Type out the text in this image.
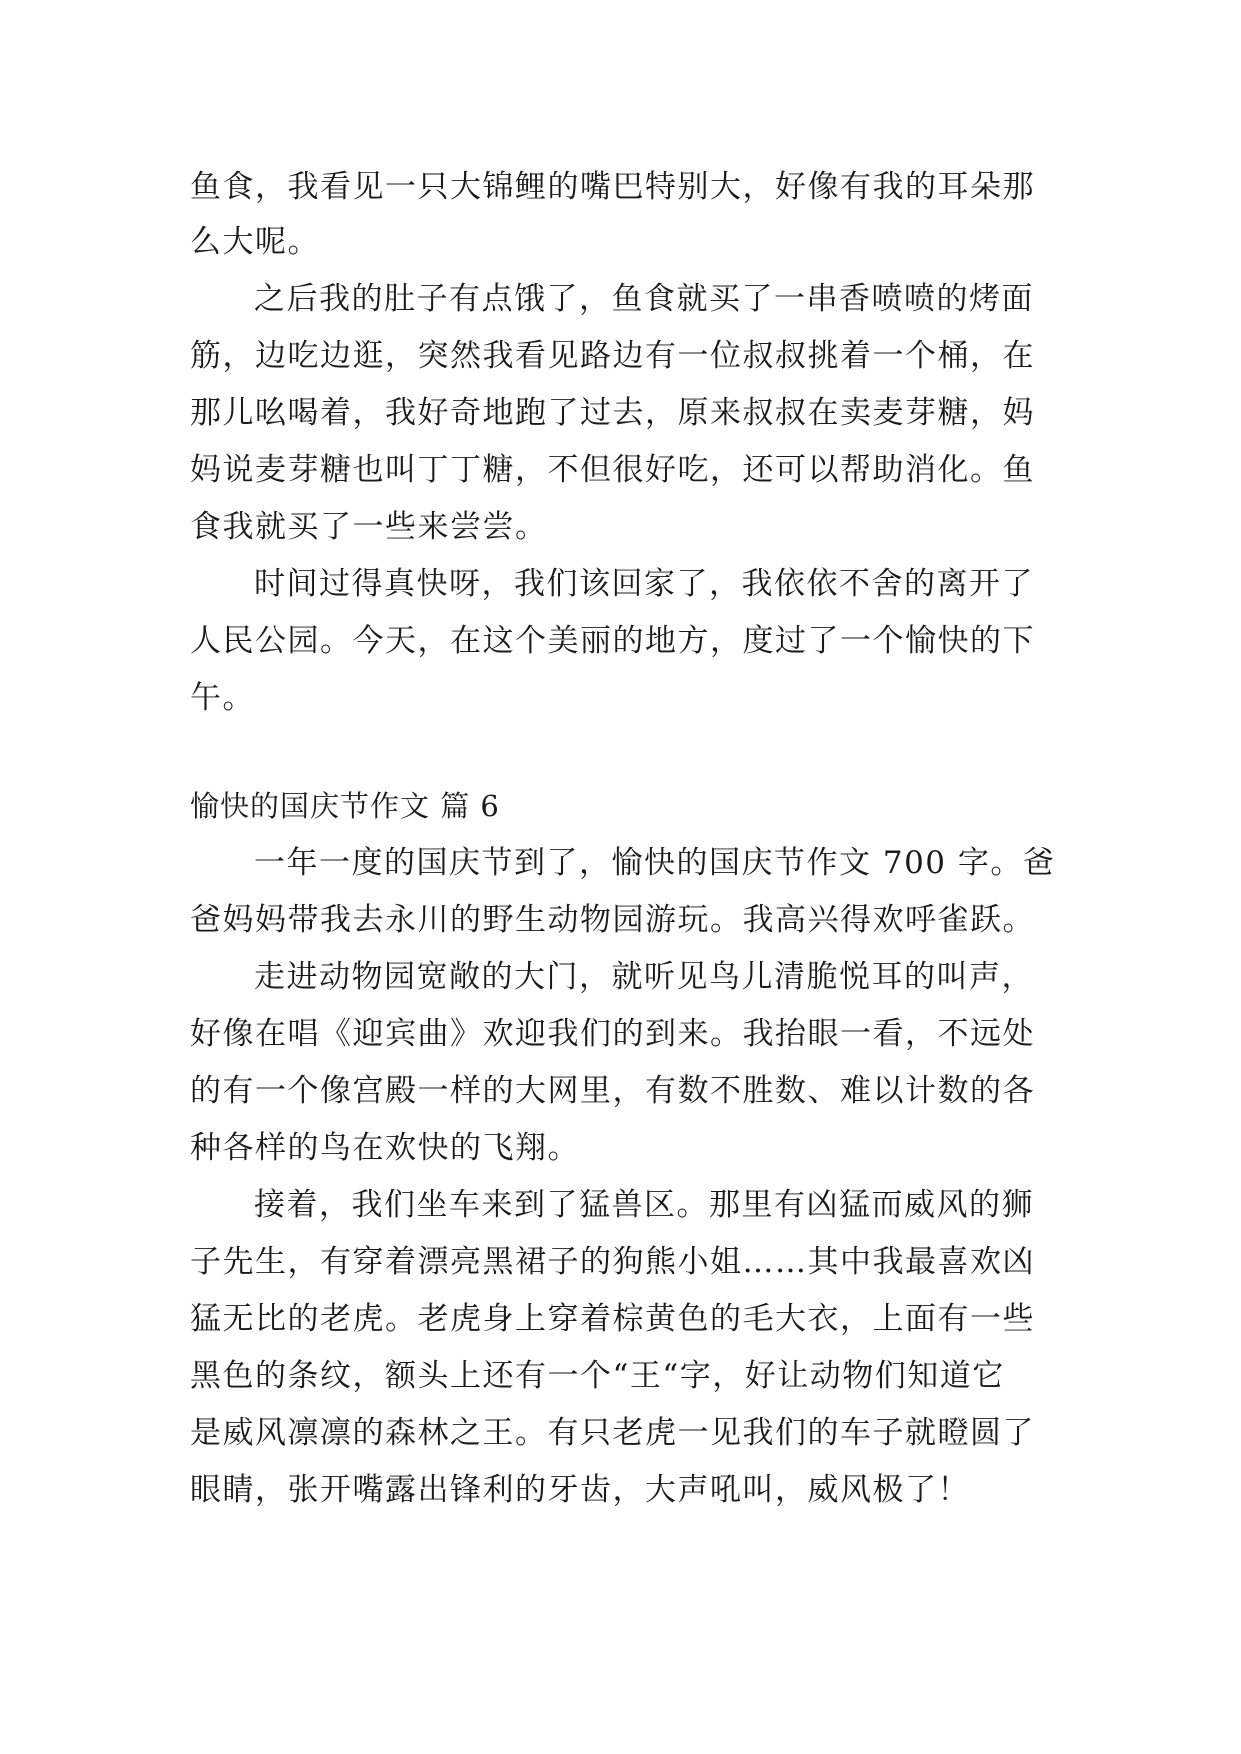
鱼食，我看见一只大锦鲤的嘴巴特别大，好像有我的耳朵那
么大呢。
之后我的肚子有点饿了，鱼食就买了一串香喷喷的烤面
筋，边吃边逛，突然我看见路边有一位叔叔挑着一个桶，在
那儿吆喝着，我好奇地跑了过去，原来叔叔在卖麦芽糖，妈
妈说麦芽糖也叫丁丁糖，不但很好吃，还可以帮助消化。鱼
食我就买了一些来尝尝。
时间过得真快呀，我们该回家了，我依依不舍的离开了
人民公园。今天，在这个美丽的地方，度过了一个愉快的下
午。
愉快的国庆节作文 篇 6
一年一度的国庆节到了，愉快的国庆节作文 700 字。爸
爸妈妈带我去永川的野生动物园游玩。我高兴得欢呼雀跃。
走进动物园宽敞的大门，就听见鸟儿清脆悦耳的叫声，
好像在唱《迎宾曲》欢迎我们的到来。我抬眼一看，不远处
的有一个像宫殿一样的大网里，有数不胜数、难以计数的各
种各样的鸟在欢快的飞翔。
接着，我们坐车来到了猛兽区。那里有凶猛而威风的狮
子先生，有穿着漂亮黑裙子的狗熊小姐……其中我最喜欢凶
猛无比的老虎。老虎身上穿着棕黄色的毛大衣，上面有一些
黑色的条纹，额头上还有一个“王“字，好让动物们知道它
是威风凛凛的森林之王。有只老虎一见我们的车子就瞪圆了
眼睛，张开嘴露出锋利的牙齿，大声吼叫，威风极了！
